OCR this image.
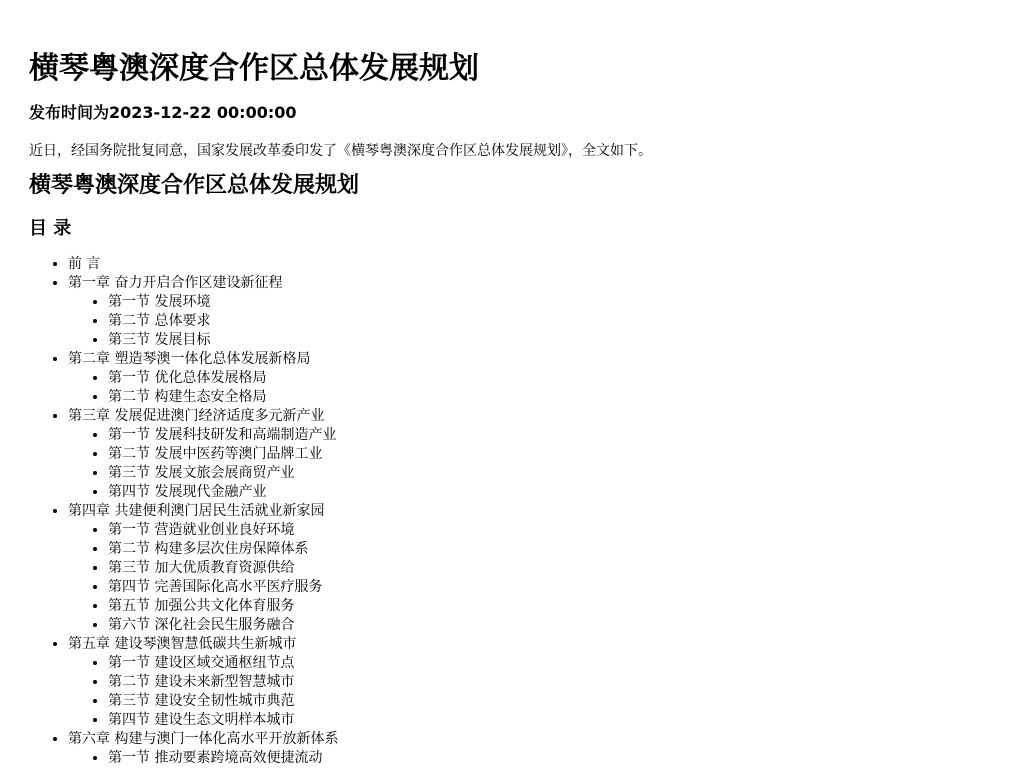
横琴粤澳深度合作区总体发展规划

发布时间为2023-12-22 00:00:00

近日，经国务院批复同意，国家发展改革委印发了《横琴粤澳深度合作区总体发展规划》，全文如下。

横琴粤澳深度合作区总体发展规划
目 录
• 前 言
• 第一章 奋力开启合作区建设新征程
• 第一节 发展环境
• 第二节 总体要求
• 第三节 发展目标
• 第二章 塑造琴澳一体化总体发展新格局
• 第一节 优化总体发展格局
• 第二节 构建生态安全格局
• 第三章 发展促进澳门经济适度多元新产业
• 第一节 发展科技研发和高端制造产业
• 第二节 发展中医药等澳门品牌工业
• 第三节 发展文旅会展商贸产业
• 第四节 发展现代金融产业
• 第四章 共建便利澳门居民生活就业新家园
• 第一节 营造就业创业良好环境
• 第二节 构建多层次住房保障体系
• 第三节 加大优质教育资源供给
• 第四节 完善国际化高水平医疗服务
• 第五节 加强公共文化体育服务
• 第六节 深化社会民生服务融合
• 第五章 建设琴澳智慧低碳共生新城市
• 第一节 建设区域交通枢纽节点
• 第二节 建设未来新型智慧城市
• 第三节 建设安全韧性城市典范
• 第四节 建设生态文明样本城市
• 第六章 构建与澳门一体化高水平开放新体系
• 第一节 推动要素跨境高效便捷流动
